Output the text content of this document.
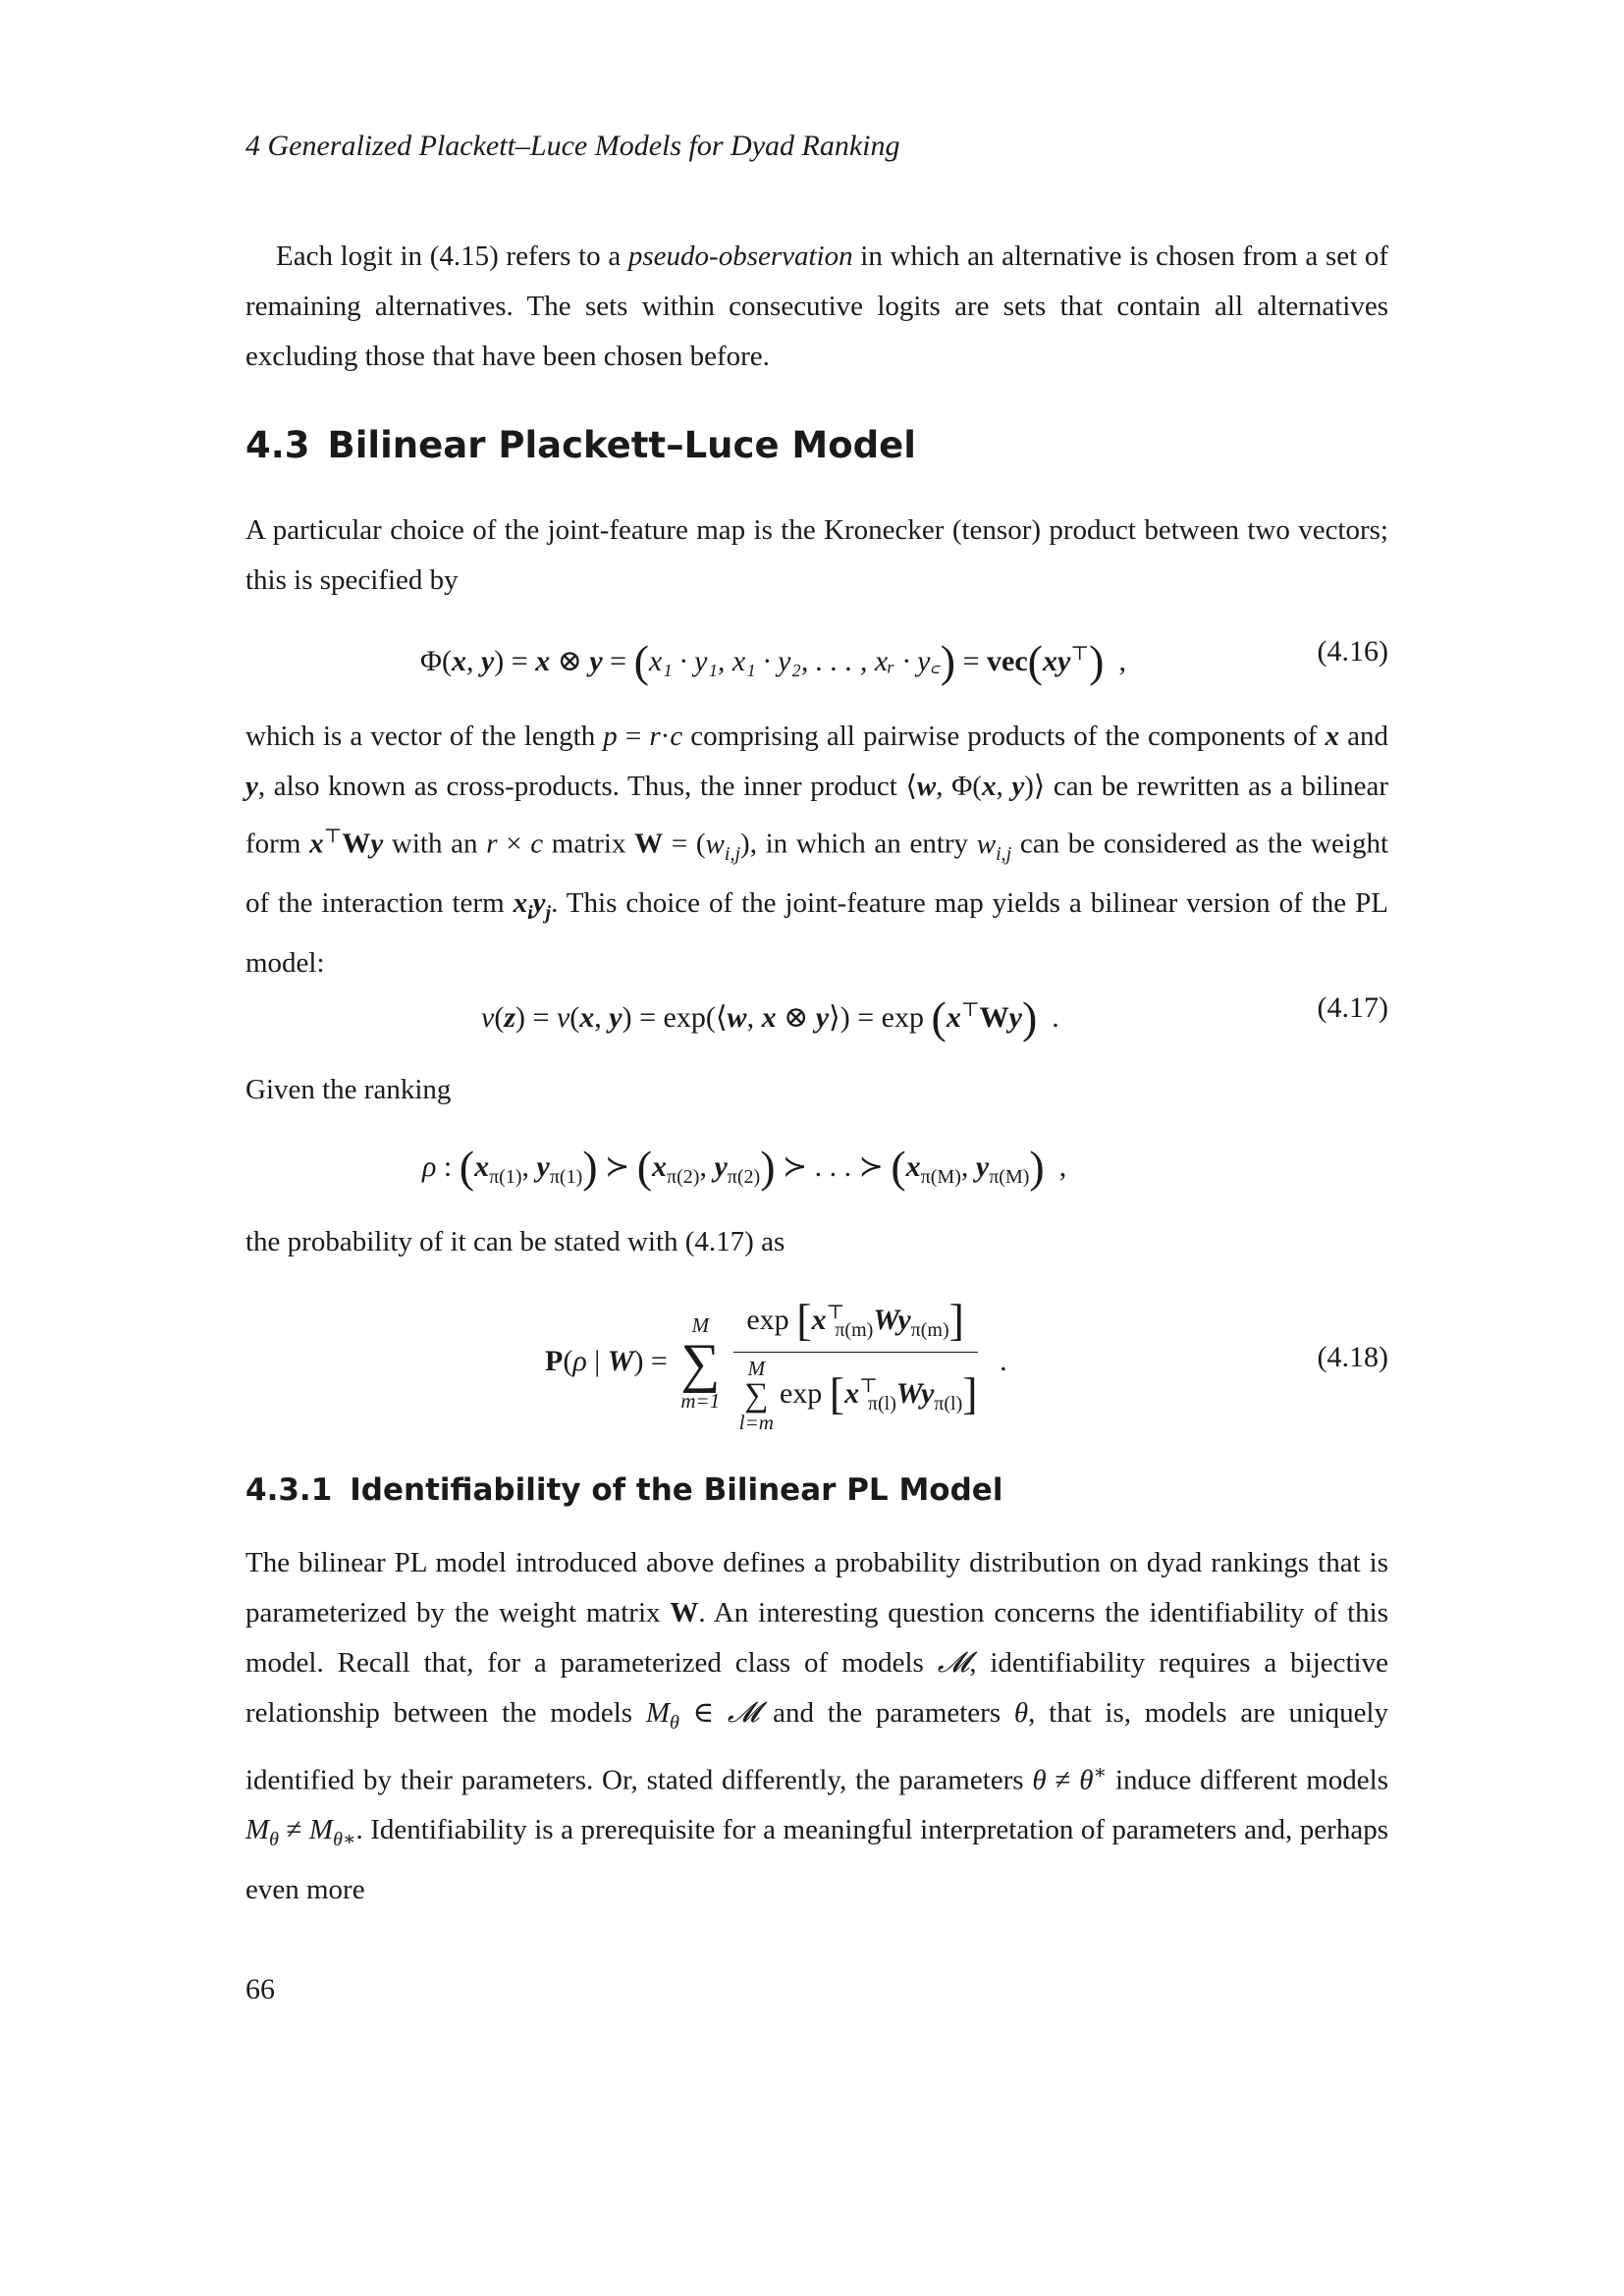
4 Generalized Plackett–Luce Models for Dyad Ranking

Each logit in (4.15) refers to a pseudo-observation in which an alternative is chosen from a set of remaining alternatives. The sets within consecutive logits are sets that contain all alternatives excluding those that have been chosen before.

4.3 Bilinear Plackett–Luce Model

A particular choice of the joint-feature map is the Kronecker (tensor) product between two vectors; this is specified by

Φ(x, y) = x ⊗ y = (x₁ · y₁, x₁ · y₂, . . . , xᵣ · y꜀) = vec(xy⊤)  ,	(4.16)

which is a vector of the length p = r·c comprising all pairwise products of the components of x and y, also known as cross-products. Thus, the inner product ⟨w, Φ(x, y)⟩ can be rewritten as a bilinear form x⊤Wy with an r × c matrix $W = (w_{i,j})$, in which an entry $w_{i,j}$ can be considered as the weight of the interaction term $x_iy_j$. This choice of the joint-feature map yields a bilinear version of the PL model:

v(z) = v(x, y) = exp(⟨w, x ⊗ y⟩) = exp (x⊤Wy)  .	(4.17)

Given the ranking

ρ : ($x_{\pi(1)}$, $y_{\pi(1)}$) ≻ ($x_{\pi(2)}$, $y_{\pi(2)}$) ≻ . . . ≻ ($x_{\pi(M)}$, $y_{\pi(M)}$)  ,

the probability of it can be stated with (4.17) as

P(ρ | W) =
M
∑
m=1
$\exp [x^⊤_{\pi(m)}Wy_{\pi(m)}]$
M
∑
l=m
$\exp [x^⊤_{\pi(l)}Wy_{\pi(l)}]$ .	(4.18)
4.3.1 Identifiability of the Bilinear PL Model

The bilinear PL model introduced above defines a probability distribution on dyad rankings that is parameterized by the weight matrix W. An interesting question concerns the identifiability of this model. Recall that, for a parameterized class of models 𝓜, identifiability requires a bijective relationship between the models $M_\theta$ ∈ 𝓜 and the parameters θ, that is, models are uniquely identified by their parameters. Or, stated differently, the parameters θ ≠ θ∗ induce different models $M_\theta \ne M_{\theta∗}$. Identifiability is a prerequisite for a meaningful interpretation of parameters and, perhaps even more

66
